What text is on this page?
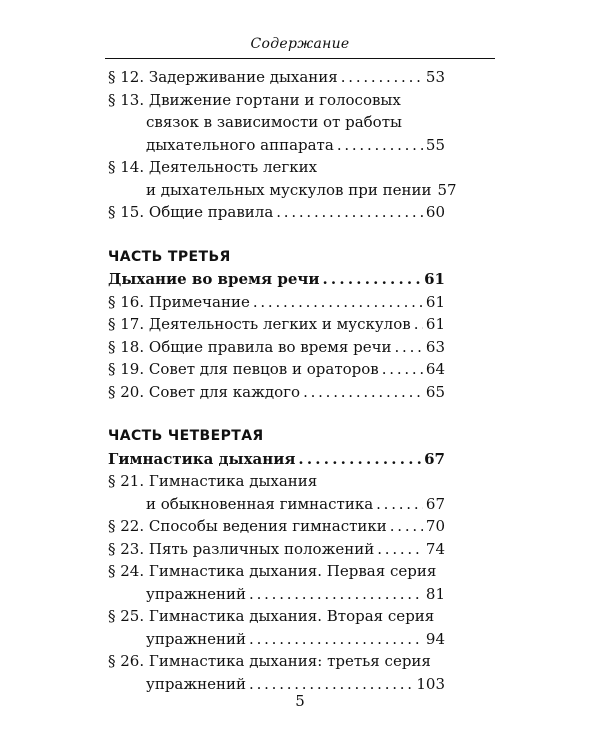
Содержание
§ 12. Задерживание дыхания . . .	53
§ 13. Движение гортани и голосовых
связок в зависимости от работы
дыхательного аппарата . . .	55
§ 14. Деятельность легких
и дыхательных мускулов при пении 57
§ 15. Общие правила . . .	60
ЧАСТЬ ТРЕТЬЯ
Дыхание во время речи . . .	61
§ 16. Примечание . . .	61
§ 17. Деятельность легких и мускулов . . . 61
§ 18. Общие правила во время речи . . . 63
§ 19. Совет для певцов и ораторов . . .	64
§ 20. Совет для каждого . . .	65
ЧАСТЬ ЧЕТВЕРТАЯ
Гимнастика дыхания . . .	67
§ 21. Гимнастика дыхания
и обыкновенная гимнастика . . .	67
§ 22. Способы ведения гимнастики . . .	70
§ 23. Пять различных положений . . .	74
§ 24. Гимнастика дыхания. Первая серия
упражнений . . .	81
§ 25. Гимнастика дыхания. Вторая серия
упражнений . . .	94
§ 26. Гимнастика дыхания: третья серия
упражнений . . .	103
5
